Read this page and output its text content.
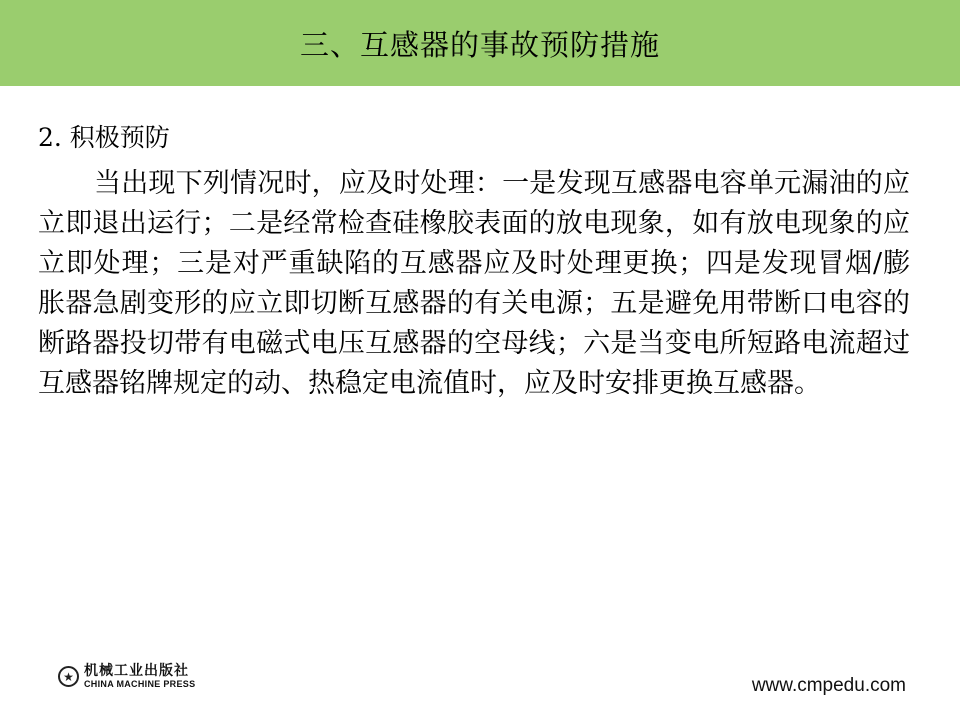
三、互感器的事故预防措施

2. 积极预防

当出现下列情况时，应及时处理：一是发现互感器电容单元漏油的应立即退出运行；二是经常检查硅橡胶表面的放电现象，如有放电现象的应立即处理；三是对严重缺陷的互感器应及时处理更换；四是发现冒烟/膨胀器急剧变形的应立即切断互感器的有关电源；五是避免用带断口电容的断路器投切带有电磁式电压互感器的空母线；六是当变电所短路电流超过互感器铭牌规定的动、热稳定电流值时，应及时安排更换互感器。

★ 机械工业出版社
CHINA MACHINE PRESS	www.cmpedu.com
